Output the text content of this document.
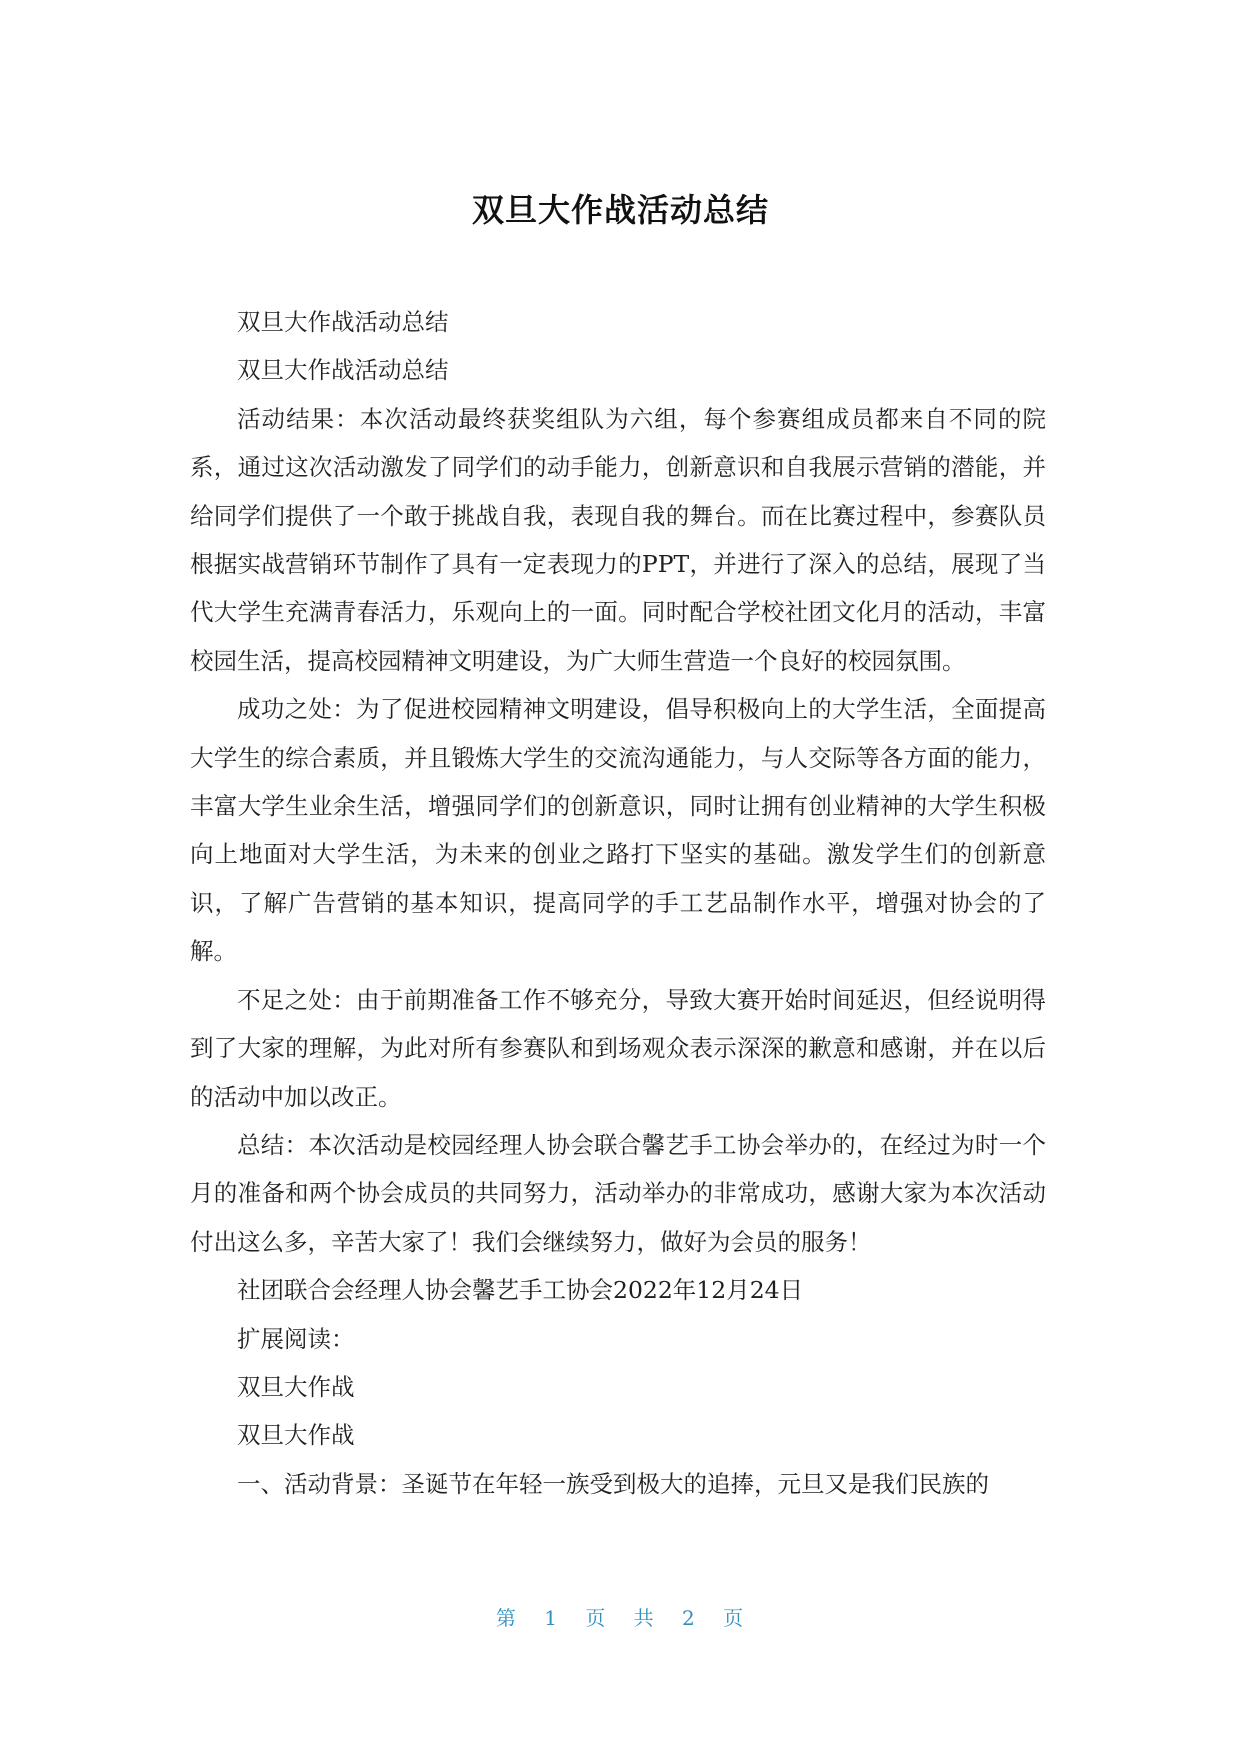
双旦大作战活动总结

双旦大作战活动总结

双旦大作战活动总结

活动结果：本次活动最终获奖组队为六组，每个参赛组成员都来自不同的院系，通过这次活动激发了同学们的动手能力，创新意识和自我展示营销的潜能，并给同学们提供了一个敢于挑战自我，表现自我的舞台。而在比赛过程中，参赛队员根据实战营销环节制作了具有一定表现力的PPT，并进行了深入的总结，展现了当代大学生充满青春活力，乐观向上的一面。同时配合学校社团文化月的活动，丰富校园生活，提高校园精神文明建设，为广大师生营造一个良好的校园氛围。

成功之处：为了促进校园精神文明建设，倡导积极向上的大学生活，全面提高大学生的综合素质，并且锻炼大学生的交流沟通能力，与人交际等各方面的能力，丰富大学生业余生活，增强同学们的创新意识，同时让拥有创业精神的大学生积极向上地面对大学生活，为未来的创业之路打下坚实的基础。激发学生们的创新意识，了解广告营销的基本知识，提高同学的手工艺品制作水平，增强对协会的了解。

不足之处：由于前期准备工作不够充分，导致大赛开始时间延迟，但经说明得到了大家的理解，为此对所有参赛队和到场观众表示深深的歉意和感谢，并在以后的活动中加以改正。

总结：本次活动是校园经理人协会联合馨艺手工协会举办的，在经过为时一个月的准备和两个协会成员的共同努力，活动举办的非常成功，感谢大家为本次活动付出这么多，辛苦大家了！我们会继续努力，做好为会员的服务！

社团联合会经理人协会馨艺手工协会2022年12月24日

扩展阅读：

双旦大作战

双旦大作战

一、活动背景：圣诞节在年轻一族受到极大的追捧，元旦又是我们民族的

第 1 页 共 2 页
